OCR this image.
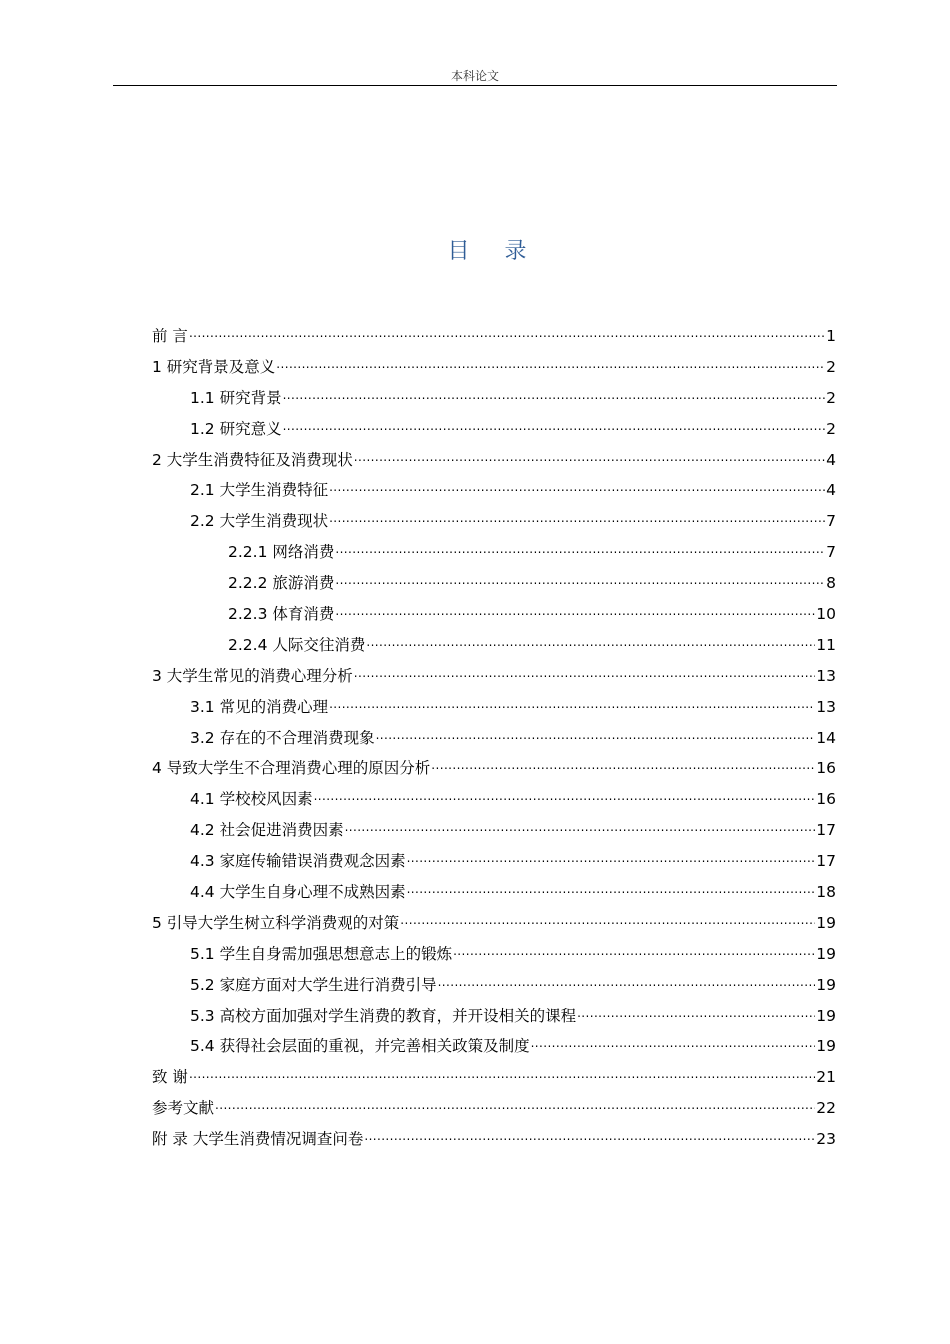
本科论文
目 录
前 言 .....	1
1 研究背景及意义 .....	2
1.1 研究背景 .....	2
1.2 研究意义 .....	2
2 大学生消费特征及消费现状 .....	4
2.1 大学生消费特征 .....	4
2.2 大学生消费现状 .....	7
2.2.1 网络消费 .....	7
2.2.2 旅游消费 .....	8
2.2.3 体育消费 .....	10
2.2.4 人际交往消费 .....	11
3 大学生常见的消费心理分析 .....	13
3.1 常见的消费心理 .....	13
3.2 存在的不合理消费现象 .....	14
4 导致大学生不合理消费心理的原因分析 .....	16
4.1 学校校风因素 .....	16
4.2 社会促进消费因素 .....	17
4.3 家庭传输错误消费观念因素 .....	17
4.4 大学生自身心理不成熟因素 .....	18
5 引导大学生树立科学消费观的对策 .....	19
5.1 学生自身需加强思想意志上的锻炼 .....	19
5.2 家庭方面对大学生进行消费引导 .....	19
5.3 高校方面加强对学生消费的教育，并开设相关的课程 .....	19
5.4 获得社会层面的重视，并完善相关政策及制度 .....	19
致 谢 .....	21
参考文献 .....	22
附 录 大学生消费情况调查问卷 .....	23
